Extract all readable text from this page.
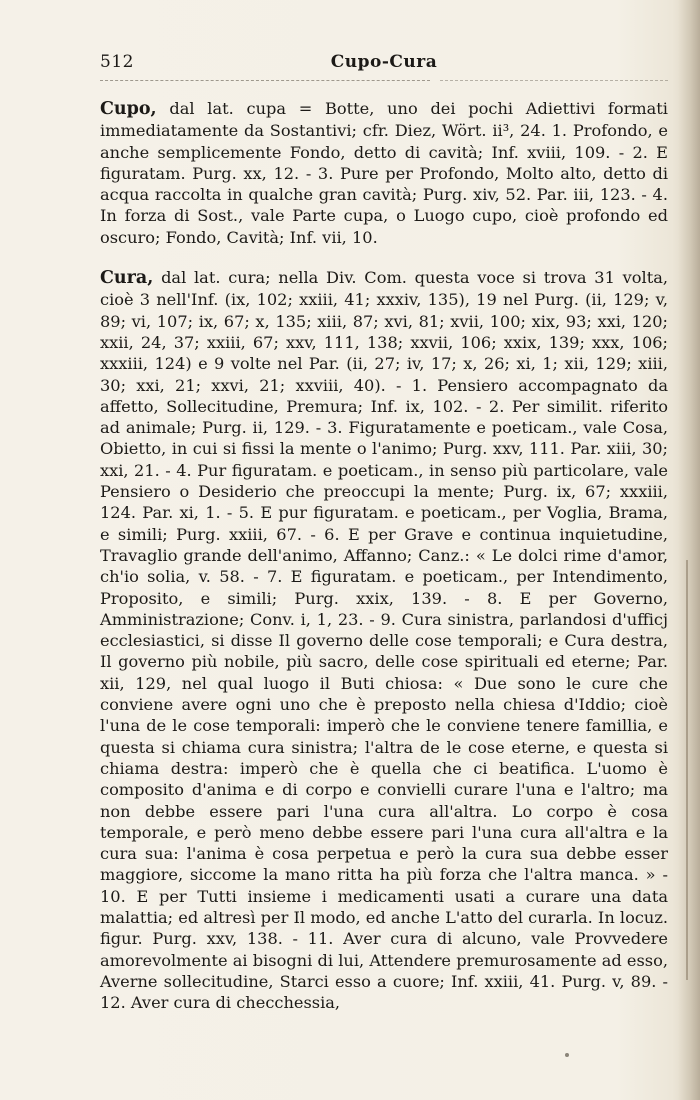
512	Cupo-Cura

Cupo, dal lat. cupa = Botte, uno dei pochi Adiettivi formati immediatamente da Sostantivi; cfr. Diez, Wört. ii³, 24. 1. Profondo, e anche semplicemente Fondo, detto di cavità; Inf. xviii, 109. - 2. E figuratam. Purg. xx, 12. - 3. Pure per Profondo, Molto alto, detto di acqua raccolta in qualche gran cavità; Purg. xiv, 52. Par. iii, 123. - 4. In forza di Sost., vale Parte cupa, o Luogo cupo, cioè profondo ed oscuro; Fondo, Cavità; Inf. vii, 10.

Cura, dal lat. cura; nella Div. Com. questa voce si trova 31 volta, cioè 3 nell'Inf. (ix, 102; xxiii, 41; xxxiv, 135), 19 nel Purg. (ii, 129; v, 89; vi, 107; ix, 67; x, 135; xiii, 87; xvi, 81; xvii, 100; xix, 93; xxi, 120; xxii, 24, 37; xxiii, 67; xxv, 111, 138; xxvii, 106; xxix, 139; xxx, 106; xxxiii, 124) e 9 volte nel Par. (ii, 27; iv, 17; x, 26; xi, 1; xii, 129; xiii, 30; xxi, 21; xxvi, 21; xxviii, 40). - 1. Pensiero accompagnato da affetto, Sollecitudine, Premura; Inf. ix, 102. - 2. Per similit. riferito ad animale; Purg. ii, 129. - 3. Figuratamente e poeticam., vale Cosa, Obietto, in cui si fissi la mente o l'animo; Purg. xxv, 111. Par. xiii, 30; xxi, 21. - 4. Pur figuratam. e poeticam., in senso più particolare, vale Pensiero o Desiderio che preoccupi la mente; Purg. ix, 67; xxxiii, 124. Par. xi, 1. - 5. E pur figuratam. e poeticam., per Voglia, Brama, e simili; Purg. xxiii, 67. - 6. E per Grave e continua inquietudine, Travaglio grande dell'animo, Affanno; Canz.: « Le dolci rime d'amor, ch'io solia, v. 58. - 7. E figuratam. e poeticam., per Intendimento, Proposito, e simili; Purg. xxix, 139. - 8. E per Governo, Amministrazione; Conv. i, 1, 23. - 9. Cura sinistra, parlandosi d'ufficj ecclesiastici, si disse Il governo delle cose temporali; e Cura destra, Il governo più nobile, più sacro, delle cose spirituali ed eterne; Par. xii, 129, nel qual luogo il Buti chiosa: « Due sono le cure che conviene avere ogni uno che è preposto nella chiesa d'Iddio; cioè l'una de le cose temporali: imperò che le conviene tenere famillia, e questa si chiama cura sinistra; l'altra de le cose eterne, e questa si chiama destra: imperò che è quella che ci beatifica. L'uomo è composito d'anima e di corpo e convielli curare l'una e l'altro; ma non debbe essere pari l'una cura all'altra. Lo corpo è cosa temporale, e però meno debbe essere pari l'una cura all'altra e la cura sua: l'anima è cosa perpetua e però la cura sua debbe esser maggiore, siccome la mano ritta ha più forza che l'altra manca. » - 10. E per Tutti insieme i medicamenti usati a curare una data malattia; ed altresì per Il modo, ed anche L'atto del curarla. In locuz. figur. Purg. xxv, 138. - 11. Aver cura di alcuno, vale Provvedere amorevolmente ai bisogni di lui, Attendere premurosamente ad esso, Averne sollecitudine, Starci esso a cuore; Inf. xxiii, 41. Purg. v, 89. - 12. Aver cura di checchessia,
